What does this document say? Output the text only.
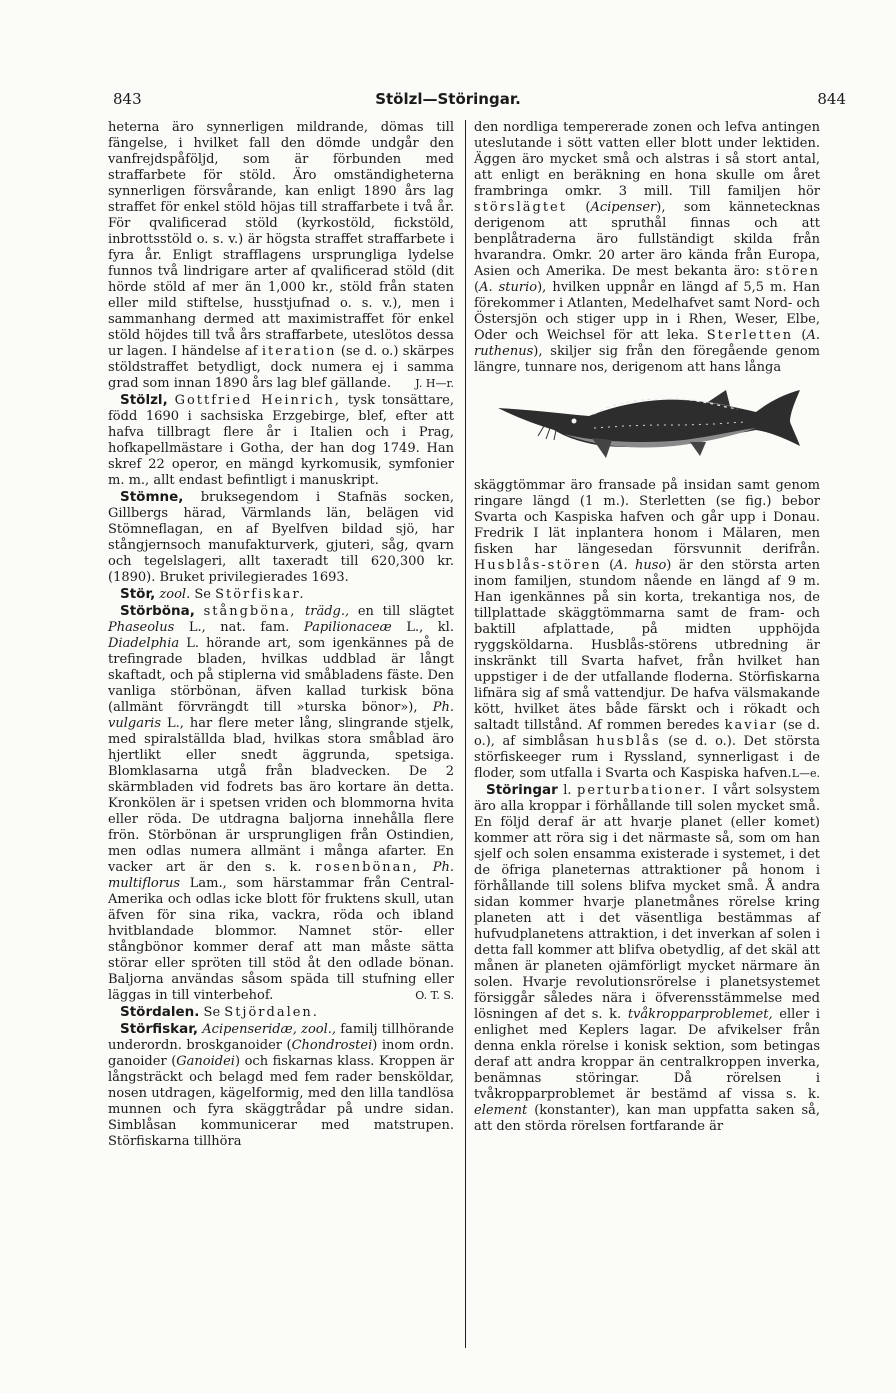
843	Stölzl—Störingar.	844

heterna äro synnerligen mildrande, dömas till fängelse, i hvilket fall den dömde undgår den vanfrejdspåföljd, som är förbunden med straffarbete för stöld. Äro omständigheterna synnerligen försvårande, kan enligt 1890 års lag straffet för enkel stöld höjas till straffarbete i två år. För qvalificerad stöld (kyrkostöld, fickstöld, inbrottsstöld o. s. v.) är högsta straffet straffarbete i fyra år. Enligt strafflagens ursprungliga lydelse funnos två lindrigare arter af qvalificerad stöld (dit hörde stöld af mer än 1,000 kr., stöld från staten eller mild stiftelse, husstjufnad o. s. v.), men i sammanhang dermed att maximistraffet för enkel stöld höjdes till två års straffarbete, uteslötos dessa ur lagen. I händelse af iteration (se d. o.) skärpes stöldstraffet betydligt, dock numera ej i samma grad som innan 1890 års lag blef gällande. J. H—r.

Stölzl, Gottfried Heinrich, tysk tonsättare, född 1690 i sachsiska Erzgebirge, blef, efter att hafva tillbragt flere år i Italien och i Prag, hofkapellmästare i Gotha, der han dog 1749. Han skref 22 operor, en mängd kyrkomusik, symfonier m. m., allt endast befintligt i manuskript.

Stömne, bruksegendom i Stafnäs socken, Gillbergs härad, Värmlands län, belägen vid Stömneflagan, en af Byelfven bildad sjö, har stångjernsoch manufakturverk, gjuteri, såg, qvarn och tegelslageri, allt taxeradt till 620,300 kr. (1890). Bruket privilegierades 1693.

Stör, zool. Se Störfiskar.

Störböna, stångböna, trädg., en till slägtet Phaseolus L., nat. fam. Papilionaceæ L., kl. Diadelphia L. hörande art, som igenkännes på de trefingrade bladen, hvilkas uddblad är långt skaftadt, och på stiplerna vid småbladens fäste. Den vanliga störbönan, äfven kallad turkisk böna (allmänt förvrängdt till »turska bönor»), Ph. vulgaris L., har flere meter lång, slingrande stjelk, med spiralställda blad, hvilkas stora småblad äro hjertlikt eller snedt äggrunda, spetsiga. Blomklasarna utgå från bladvecken. De 2 skärmbladen vid fodrets bas äro kortare än detta. Kronkölen är i spetsen vriden och blommorna hvita eller röda. De utdragna baljorna innehålla flere frön. Störbönan är ursprungligen från Ostindien, men odlas numera allmänt i många afarter. En vacker art är den s. k. rosenbönan, Ph. multiflorus Lam., som härstammar från Central-Amerika och odlas icke blott för fruktens skull, utan äfven för sina rika, vackra, röda och ibland hvitblandade blommor. Namnet stör- eller stångbönor kommer deraf att man måste sätta störar eller spröten till stöd åt den odlade bönan. Baljorna användas såsom späda till stufning eller läggas in till vinterbehof.	O. T. S.

Stördalen. Se Stjördalen.

Störfiskar, Acipenseridæ, zool., familj tillhörande underordn. broskganoider (Chondrostei) inom ordn. ganoider (Ganoidei) och fiskarnas klass. Kroppen är långsträckt och belagd med fem rader bensköldar, nosen utdragen, kägelformig, med den lilla tandlösa munnen och fyra skäggtrådar på undre sidan. Simblåsan kommunicerar med matstrupen. Störfiskarna tillhöra

den nordliga tempererade zonen och lefva antingen uteslutande i sött vatten eller blott under lektiden. Äggen äro mycket små och alstras i så stort antal, att enligt en beräkning en hona skulle om året frambringa omkr. 3 mill. Till familjen hör störslägtet (Acipenser), som kännetecknas derigenom att spruthål finnas och att benplåtraderna äro fullständigt skilda från hvarandra. Omkr. 20 arter äro kända från Europa, Asien och Amerika. De mest bekanta äro: stören (A. sturio), hvilken uppnår en längd af 5,5 m. Han förekommer i Atlanten, Medelhafvet samt Nord- och Östersjön och stiger upp in i Rhen, Weser, Elbe, Oder och Weichsel för att leka. Sterletten (A. ruthenus), skiljer sig från den föregående genom längre, tunnare nos, derigenom att hans långa

skäggtömmar äro fransade på insidan samt genom ringare längd (1 m.). Sterletten (se fig.) bebor Svarta och Kaspiska hafven och går upp i Donau. Fredrik I lät inplantera honom i Mälaren, men fisken har längesedan försvunnit derifrån. Husblås-stören (A. huso) är den största arten inom familjen, stundom nående en längd af 9 m. Han igenkännes på sin korta, trekantiga nos, de tillplattade skäggtömmarna samt de fram- och baktill afplattade, på midten upphöjda ryggsköldarna. Husblås-störens utbredning är inskränkt till Svarta hafvet, från hvilket han uppstiger i de der utfallande floderna. Störfiskarna lifnära sig af små vattendjur. De hafva välsmakande kött, hvilket ätes både färskt och i rökadt och saltadt tillstånd. Af rommen beredes kaviar (se d. o.), af simblåsan husblås (se d. o.). Det största störfiskeeger rum i Ryssland, synnerligast i de floder, som utfalla i Svarta och Kaspiska hafven. L—e.

Störingar l. perturbationer. I vårt solsystem äro alla kroppar i förhållande till solen mycket små. En följd deraf är att hvarje planet (eller komet) kommer att röra sig i det närmaste så, som om han sjelf och solen ensamma existerade i systemet, i det de öfriga planeternas attraktioner på honom i förhållande till solens blifva mycket små. Å andra sidan kommer hvarje planetmånes rörelse kring planeten att i det väsentliga bestämmas af hufvudplanetens attraktion, i det inverkan af solen i detta fall kommer att blifva obetydlig, af det skäl att månen är planeten ojämförligt mycket närmare än solen. Hvarje revolutionsrörelse i planetsystemet försiggår således nära i öfverensstämmelse med lösningen af det s. k. tvåkropparproblemet, eller i enlighet med Keplers lagar. De afvikelser från denna enkla rörelse i konisk sektion, som betingas deraf att andra kroppar än centralkroppen inverka, benämnas störingar. Då rörelsen i tvåkropparproblemet är bestämd af vissa s. k. element (konstanter), kan man uppfatta saken så, att den störda rörelsen fortfarande är
